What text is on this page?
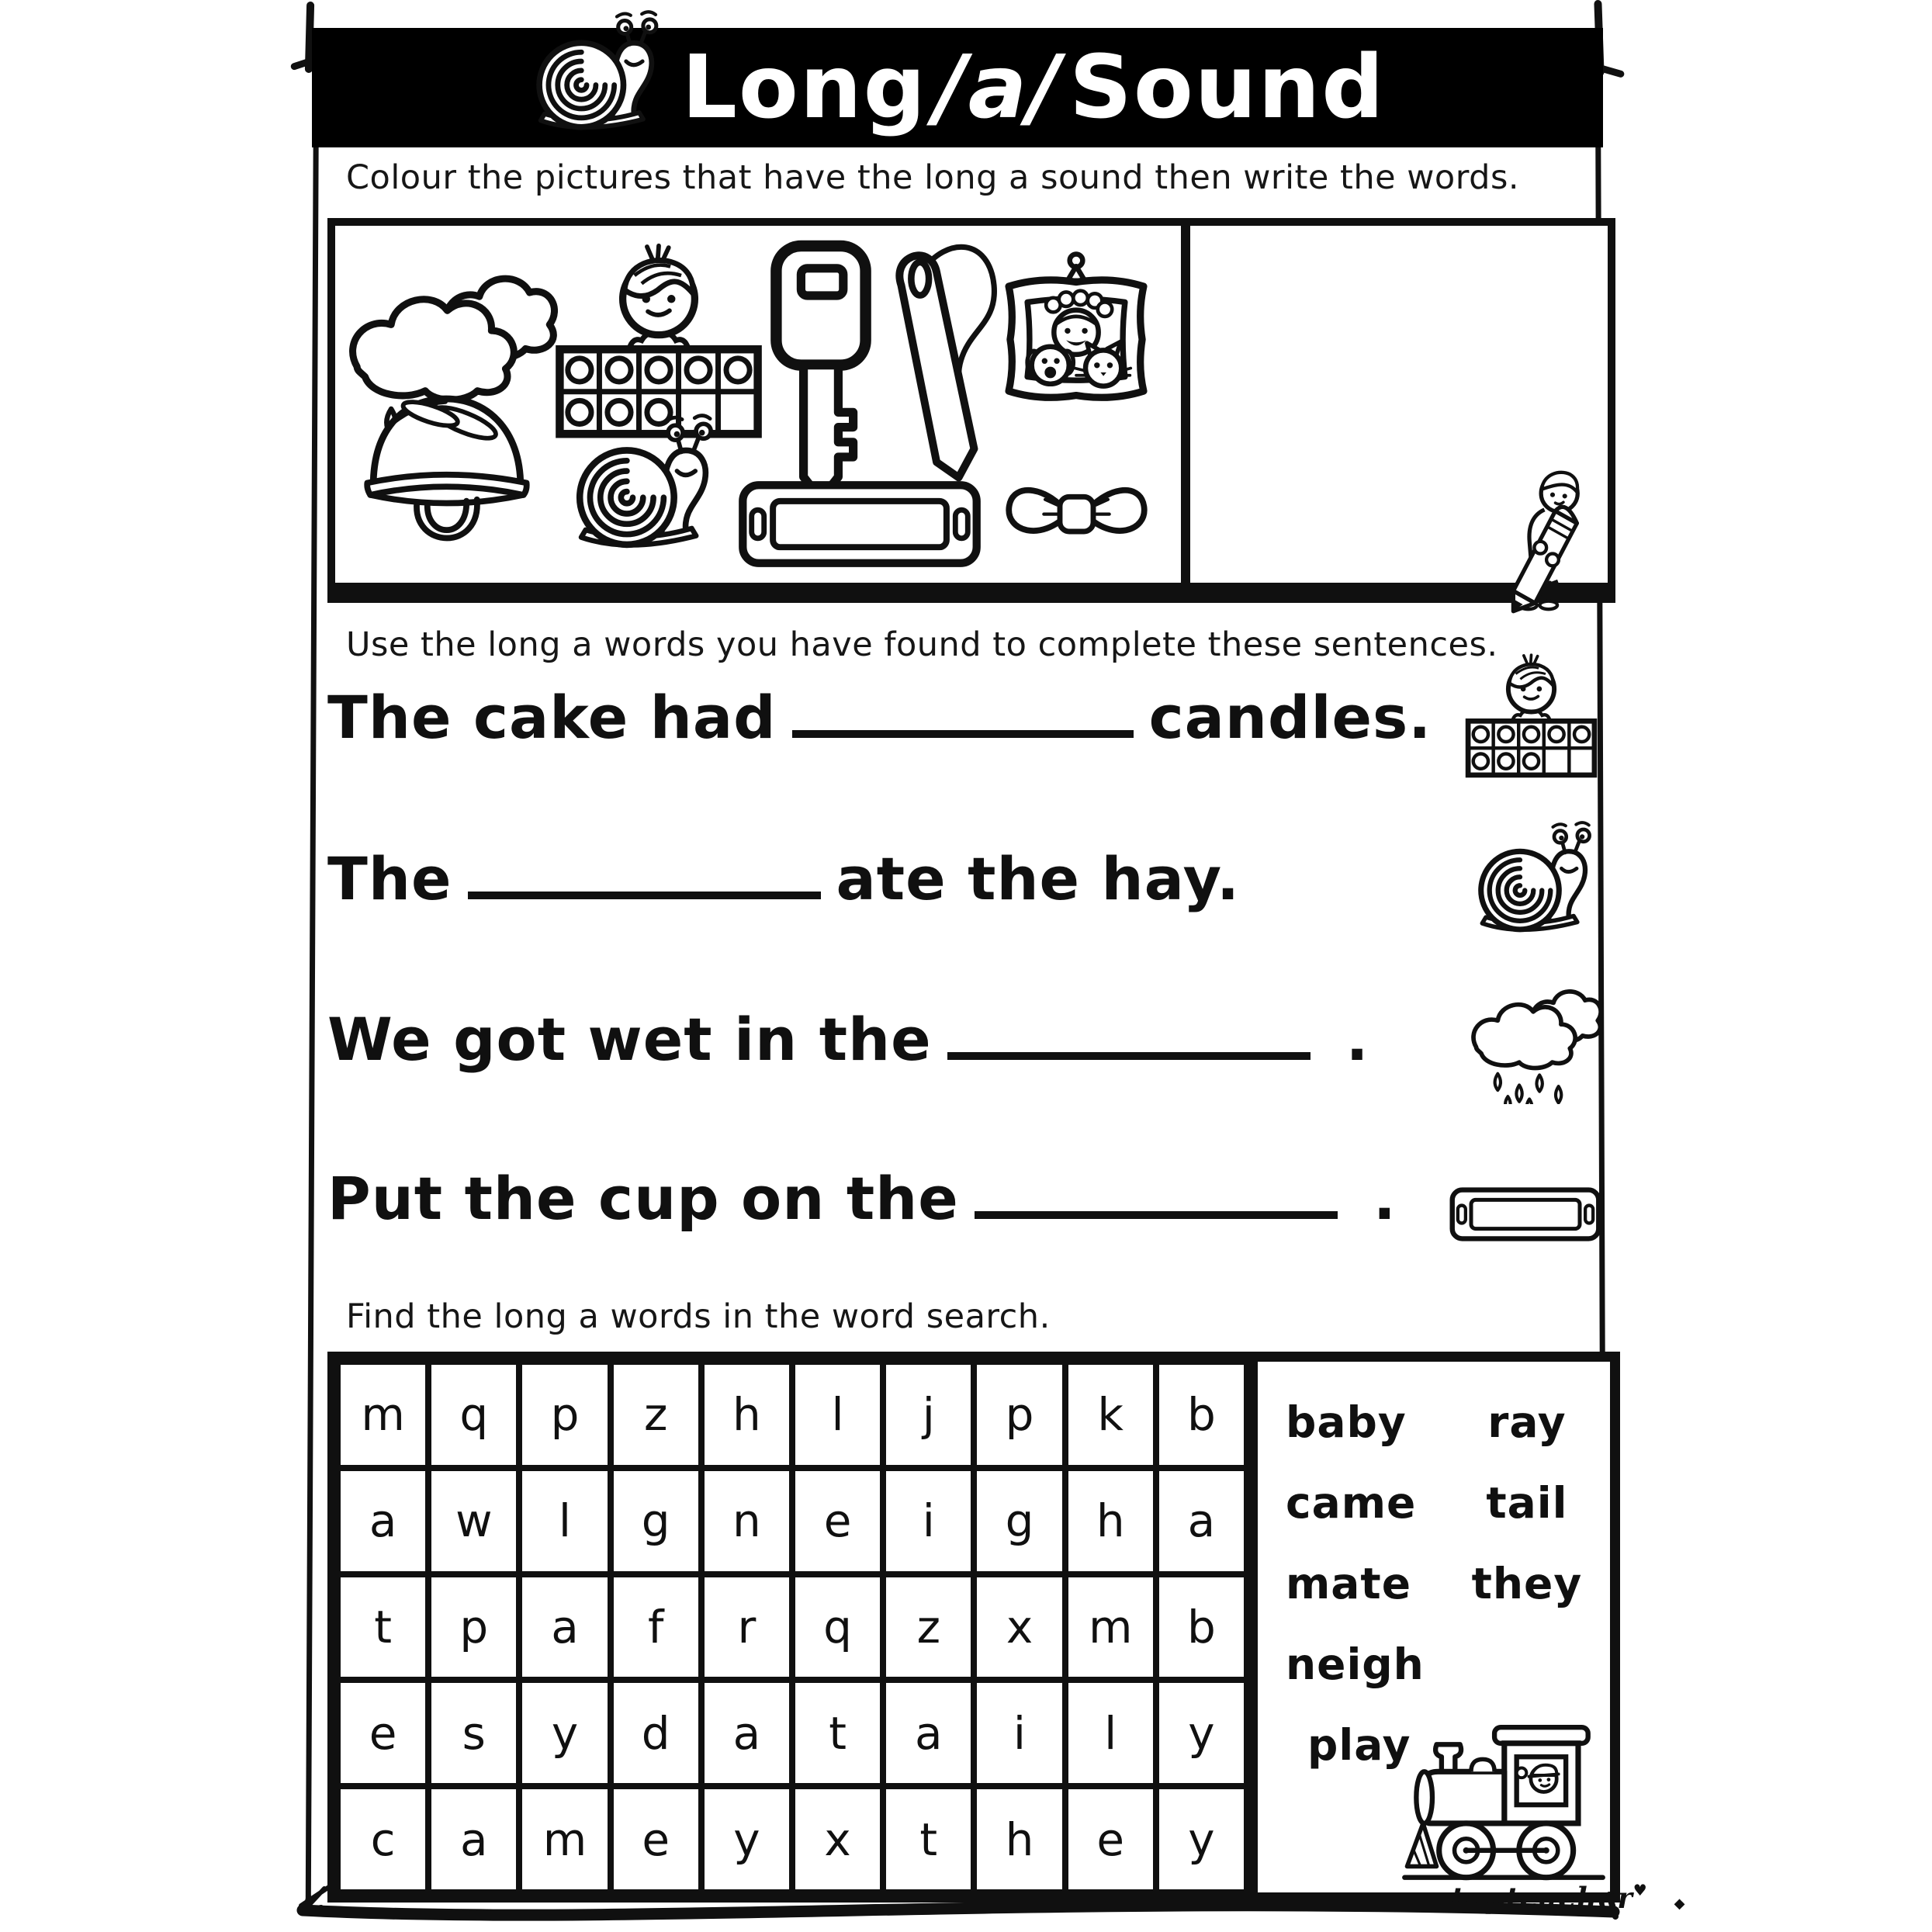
Long/a/Sound
Colour the pictures that have the long a sound then write the words.
Use the long a words you have found to complete these sentences.
The cake had	candles.
The	ate the hay.
We got wet in the	.
Put the cup on the	.
Find the long a words in the word search.
m	q	p	z	h	l	j	p	k	b
a	w	l	g	n	e	i	g	h	a
t	p	a	f	r	q	z	x	m	b
e	s	y	d	a	t	a	i	l	y
c	a	m	e	y	x	t	h	e	y
baby	ray
came	tail
mate	they
neigh
play
topteacher♥◆
